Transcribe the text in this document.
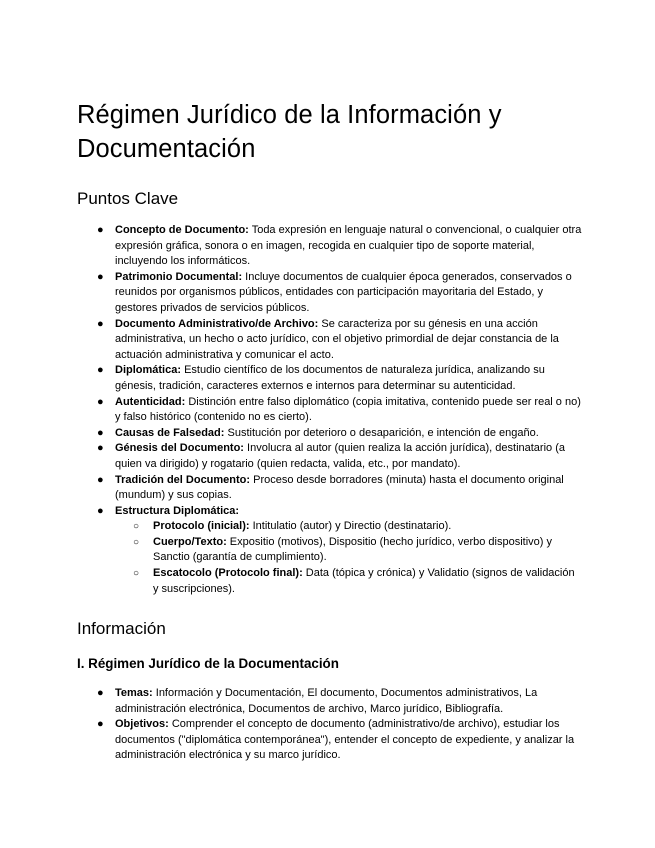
Régimen Jurídico de la Información y Documentación
Puntos Clave
● Concepto de Documento: Toda expresión en lenguaje natural o convencional, o cualquier otra expresión gráfica, sonora o en imagen, recogida en cualquier tipo de soporte material, incluyendo los informáticos.
● Patrimonio Documental: Incluye documentos de cualquier época generados, conservados o reunidos por organismos públicos, entidades con participación mayoritaria del Estado, y gestores privados de servicios públicos.
● Documento Administrativo/de Archivo: Se caracteriza por su génesis en una acción administrativa, un hecho o acto jurídico, con el objetivo primordial de dejar constancia de la actuación administrativa y comunicar el acto.
● Diplomática: Estudio científico de los documentos de naturaleza jurídica, analizando su génesis, tradición, caracteres externos e internos para determinar su autenticidad.
● Autenticidad: Distinción entre falso diplomático (copia imitativa, contenido puede ser real o no) y falso histórico (contenido no es cierto).
● Causas de Falsedad: Sustitución por deterioro o desaparición, e intención de engaño.
● Génesis del Documento: Involucra al autor (quien realiza la acción jurídica), destinatario (a quien va dirigido) y rogatario (quien redacta, valida, etc., por mandato).
● Tradición del Documento: Proceso desde borradores (minuta) hasta el documento original (mundum) y sus copias.
● Estructura Diplomática:
○ Protocolo (inicial): Intitulatio (autor) y Directio (destinatario).
○ Cuerpo/Texto: Expositio (motivos), Dispositio (hecho jurídico, verbo dispositivo) y Sanctio (garantía de cumplimiento).
○ Escatocolo (Protocolo final): Data (tópica y crónica) y Validatio (signos de validación y suscripciones).
Información
I. Régimen Jurídico de la Documentación
● Temas: Información y Documentación, El documento, Documentos administrativos, La administración electrónica, Documentos de archivo, Marco jurídico, Bibliografía.
● Objetivos: Comprender el concepto de documento (administrativo/de archivo), estudiar los documentos ("diplomática contemporánea"), entender el concepto de expediente, y analizar la administración electrónica y su marco jurídico.
